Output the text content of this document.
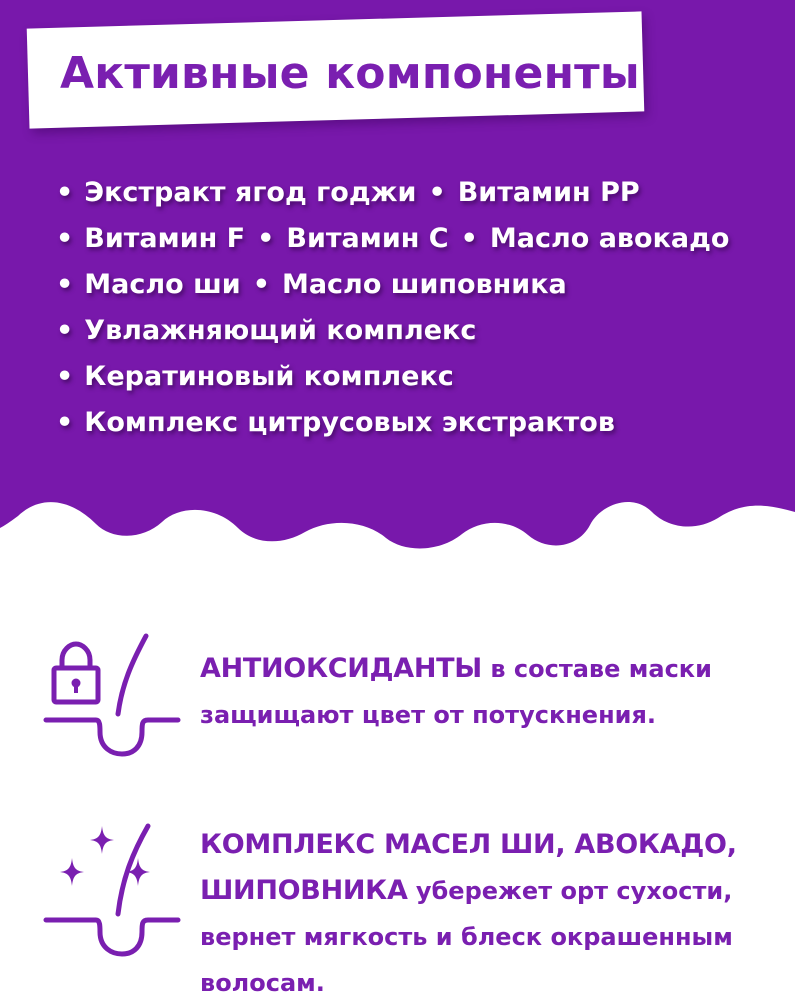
Активные компоненты
• Экстракт ягод годжи • Витамин PP
• Витамин F • Витамин С • Масло авокадо
• Масло ши • Масло шиповника
• Увлажняющий комплекс
• Кератиновый комплекс
• Комплекс цитрусовых экстрактов
АНТИОКСИДАНТЫ в составе маски
защищают цвет от потускнения.
КОМПЛЕКС МАСЕЛ ШИ, АВОКАДО,
ШИПОВНИКА убережет орт сухости,
вернет мягкость и блеск окрашенным
волосам.
